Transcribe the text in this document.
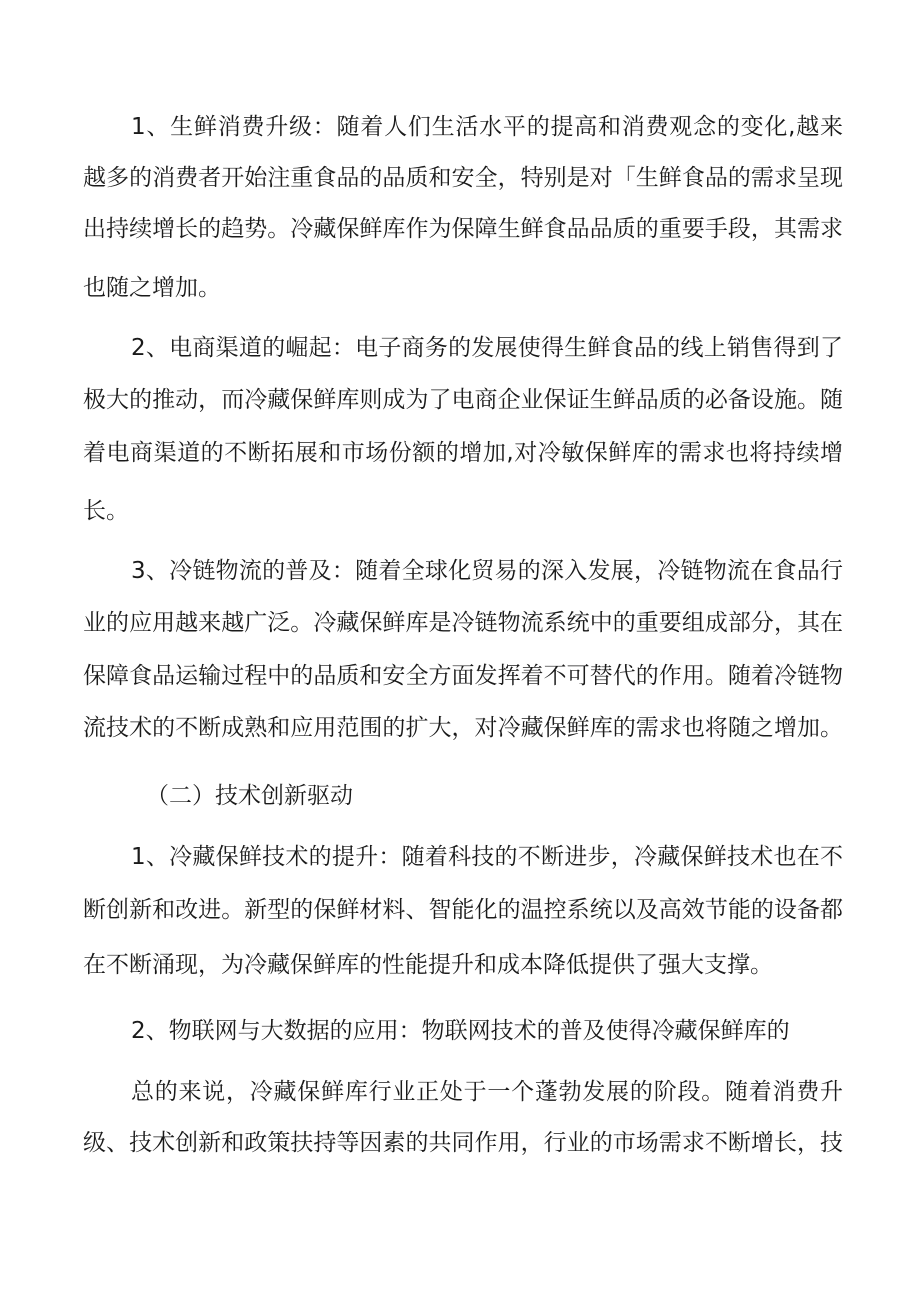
1、生鲜消费升级：随着人们生活水平的提高和消费观念的变化,越来
越多的消费者开始注重食品的品质和安全，特别是对「生鲜食品的需求呈现
出持续增长的趋势。冷藏保鲜库作为保障生鲜食品品质的重要手段，其需求
也随之增加。
2、电商渠道的崛起：电子商务的发展使得生鲜食品的线上销售得到了
极大的推动，而冷藏保鲜库则成为了电商企业保证生鲜品质的必备设施。随
着电商渠道的不断拓展和市场份额的增加,对冷敏保鲜库的需求也将持续增
长。
3、冷链物流的普及：随着全球化贸易的深入发展，冷链物流在食品行
业的应用越来越广泛。冷藏保鲜库是冷链物流系统中的重要组成部分，其在
保障食品运输过程中的品质和安全方面发挥着不可替代的作用。随着冷链物
流技术的不断成熟和应用范围的扩大，对冷藏保鲜库的需求也将随之增加。
（二）技术创新驱动
1、冷藏保鲜技术的提升：随着科技的不断进步，冷藏保鲜技术也在不
断创新和改进。新型的保鲜材料、智能化的温控系统以及高效节能的设备都
在不断涌现，为冷藏保鲜库的性能提升和成本降低提供了强大支撑。
2、物联网与大数据的应用：物联网技术的普及使得冷藏保鲜库的
总的来说，冷藏保鲜库行业正处于一个蓬勃发展的阶段。随着消费升
级、技术创新和政策扶持等因素的共同作用，行业的市场需求不断增长，技
